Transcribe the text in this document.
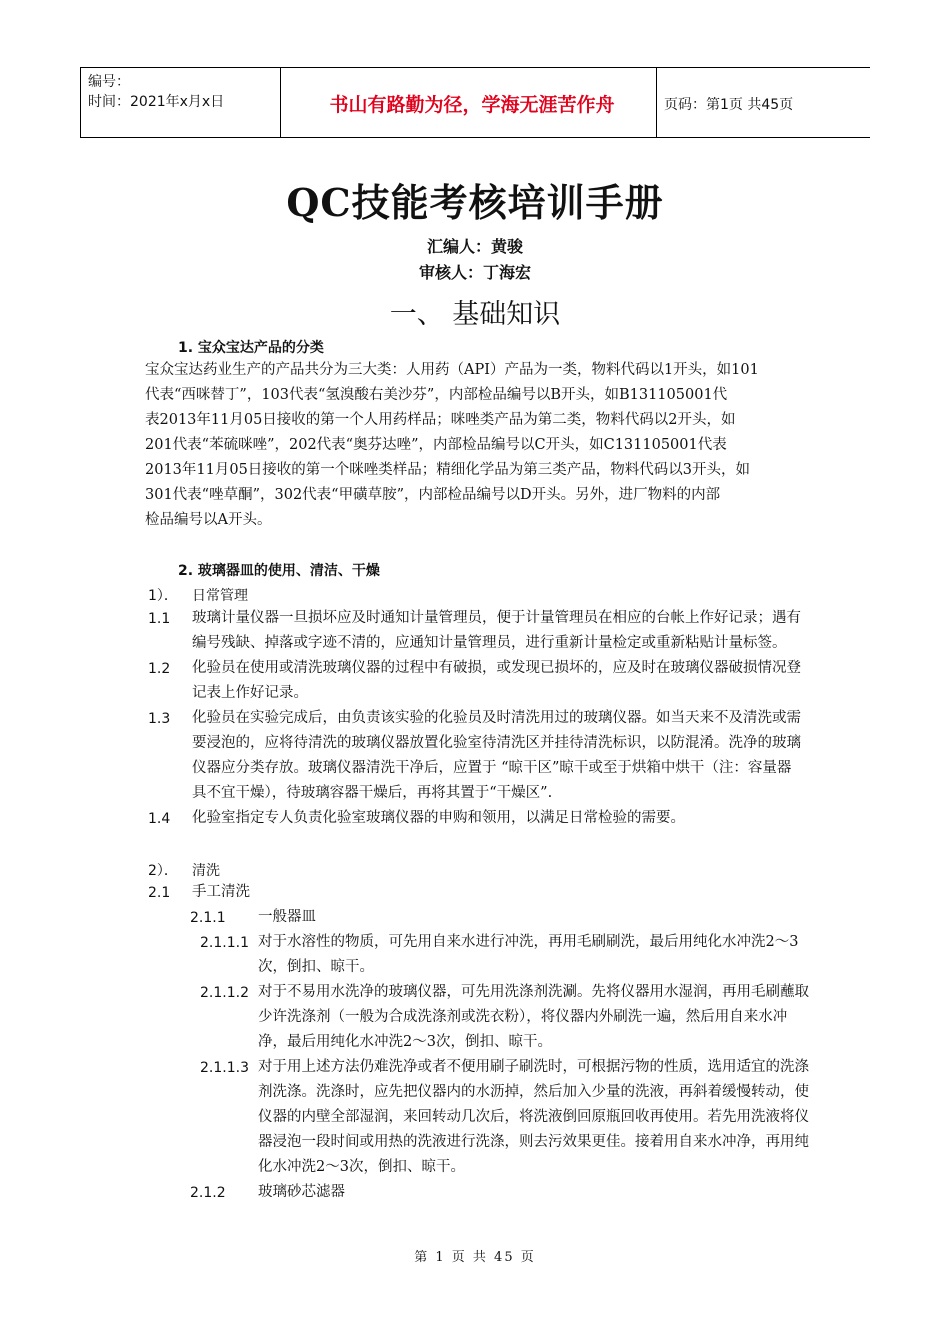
编号：
时间：2021年x月x日	书山有路勤为径，学海无涯苦作舟	页码：第1页 共45页
QC技能考核培训手册
汇编人：黄骏
审核人：丁海宏
一、 基础知识
1. 宝众宝达产品的分类

宝众宝达药业生产的产品共分为三大类：人用药（API）产品为一类，物料代码以1开头，如101

代表“西咪替丁”，103代表“氢溴酸右美沙芬”，内部检品编号以B开头，如B131105001代

表2013年11月05日接收的第一个人用药样品；咪唑类产品为第二类，物料代码以2开头，如

201代表“苯硫咪唑”，202代表“奥芬达唑”，内部检品编号以C开头，如C131105001代表

2013年11月05日接收的第一个咪唑类样品；精细化学品为第三类产品，物料代码以3开头，如

301代表“唑草酮”，302代表“甲磺草胺”，内部检品编号以D开头。另外，进厂物料的内部

检品编号以A开头。

2. 玻璃器皿的使用、清洁、干燥
1）． 日常管理
1.1 玻璃计量仪器一旦损坏应及时通知计量管理员，便于计量管理员在相应的台帐上作好记录；遇有
编号残缺、掉落或字迹不清的，应通知计量管理员，进行重新计量检定或重新粘贴计量标签。
1.2 化验员在使用或清洗玻璃仪器的过程中有破损，或发现已损坏的，应及时在玻璃仪器破损情况登
记表上作好记录。
1.3 化验员在实验完成后，由负责该实验的化验员及时清洗用过的玻璃仪器。如当天来不及清洗或需
要浸泡的，应将待清洗的玻璃仪器放置化验室待清洗区并挂待清洗标识，以防混淆。洗净的玻璃
仪器应分类存放。玻璃仪器清洗干净后，应置于 “晾干区”晾干或至于烘箱中烘干（注：容量器
具不宜干燥），待玻璃容器干燥后，再将其置于“干燥区”.
1.4 化验室指定专人负责化验室玻璃仪器的申购和领用，以满足日常检验的需要。
2）． 清洗
2.1 手工清洗
2.1.1 一般器皿
2.1.1.1 对于水溶性的物质，可先用自来水进行冲洗，再用毛刷刷洗，最后用纯化水冲洗2～3
次，倒扣、晾干。
2.1.1.2 对于不易用水洗净的玻璃仪器，可先用洗涤剂洗涮。先将仪器用水湿润，再用毛刷蘸取
少许洗涤剂（一般为合成洗涤剂或洗衣粉），将仪器内外刷洗一遍，然后用自来水冲
净，最后用纯化水冲洗2～3次，倒扣、晾干。
2.1.1.3 对于用上述方法仍难洗净或者不便用刷子刷洗时，可根据污物的性质，选用适宜的洗涤
剂洗涤。洗涤时，应先把仪器内的水沥掉，然后加入少量的洗液，再斜着缓慢转动，使
仪器的内壁全部湿润，来回转动几次后，将洗液倒回原瓶回收再使用。若先用洗液将仪
器浸泡一段时间或用热的洗液进行洗涤，则去污效果更佳。接着用自来水冲净，再用纯
化水冲洗2～3次，倒扣、晾干。
2.1.2 玻璃砂芯滤器
第 1 页 共 45 页
